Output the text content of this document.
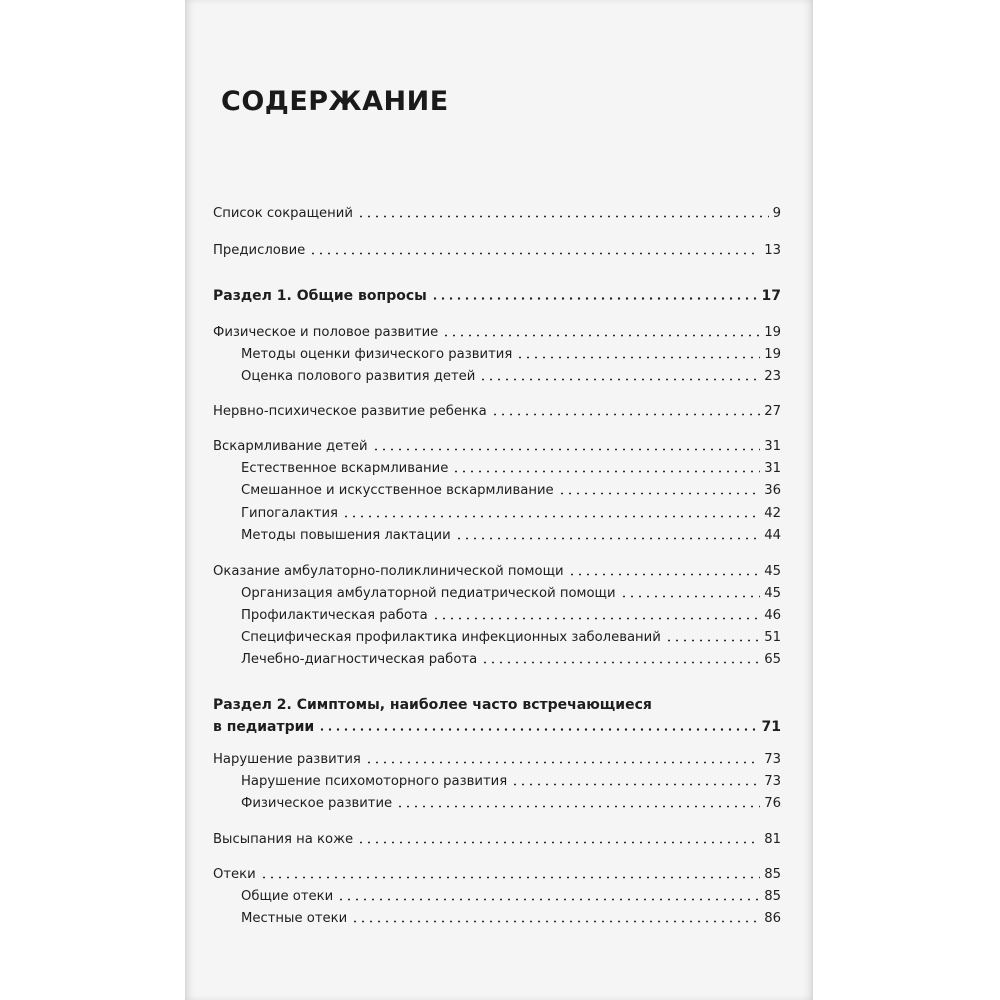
СОДЕРЖАНИЕ
Список сокращений	9
Предисловие	13
Раздел 1. Общие вопросы	17
Физическое и половое развитие	19
Методы оценки физического развития	19
Оценка полового развития детей	23
Нервно-психическое развитие ребенка	27
Вскармливание детей	31
Естественное вскармливание	31
Смешанное и искусственное вскармливание	36
Гипогалактия	42
Методы повышения лактации	44
Оказание амбулаторно-поликлинической помощи	45
Организация амбулаторной педиатрической помощи	45
Профилактическая работа	46
Специфическая профилактика инфекционных заболеваний	51
Лечебно-диагностическая работа	65
Раздел 2. Симптомы, наиболее часто встречающиеся
в педиатрии	71
Нарушение развития	73
Нарушение психомоторного развития	73
Физическое развитие	76
Высыпания на коже	81
Отеки	85
Общие отеки	85
Местные отеки	86
